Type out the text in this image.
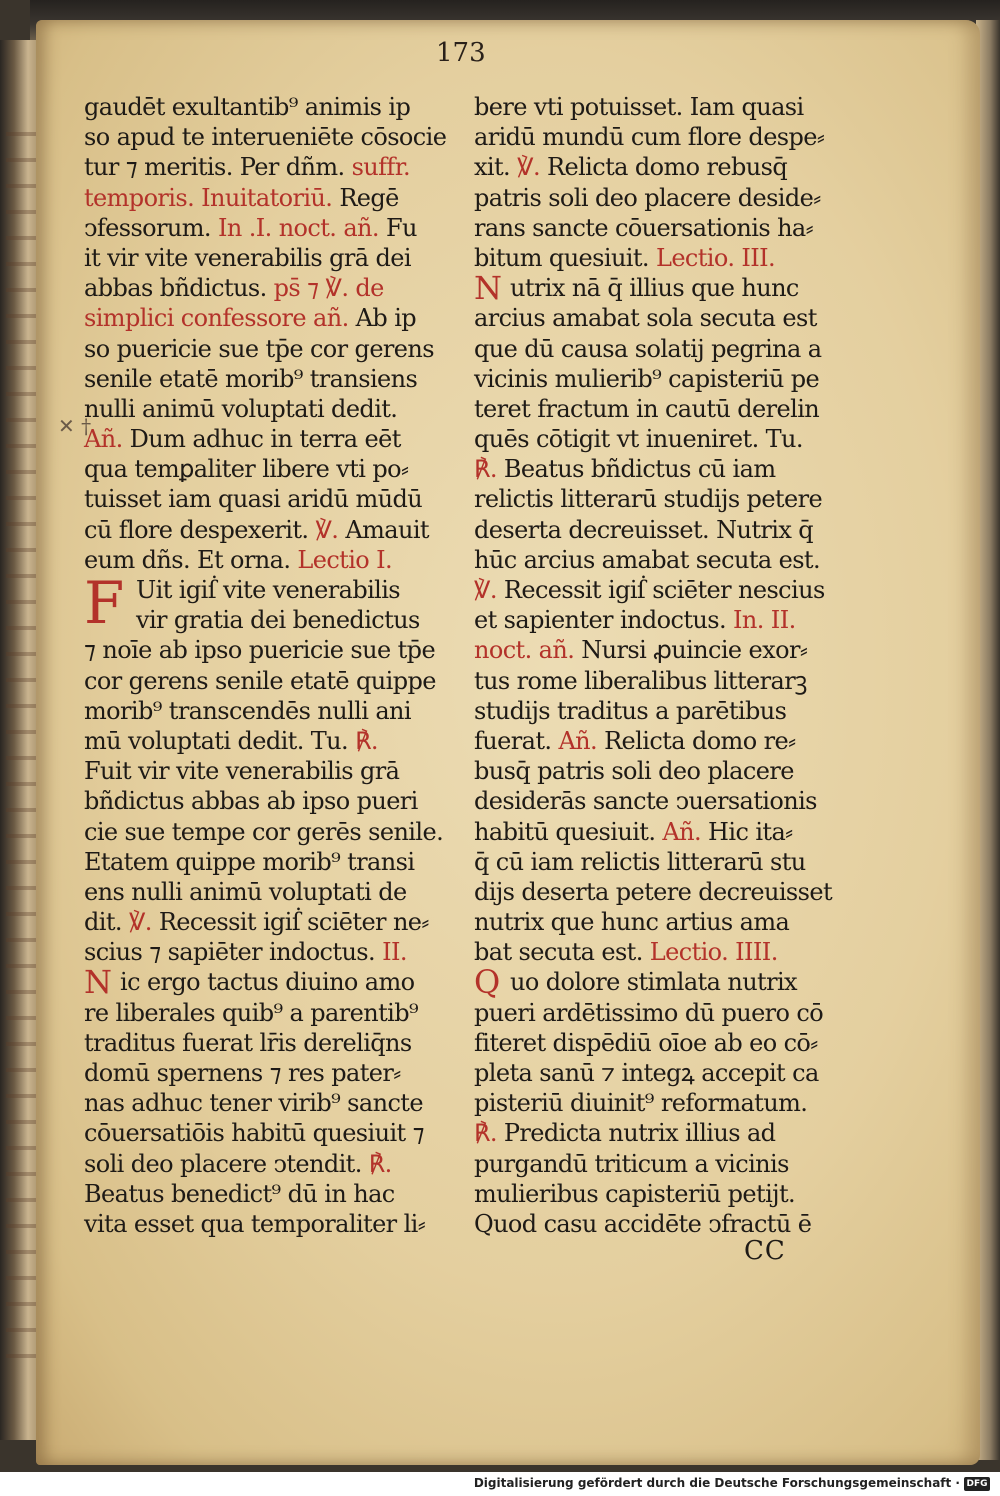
173
✕ †
gaudēt exultantib⁹ animis ip
so apud te interueniēte cōsocie
tur ⁊ meritis. Per dñm. suffr.
temporis. Inuitatoriū. Regē
ↄfessorum. In .I. noct. añ. Fu
it vir vite venerabilis grā dei
abbas bñdictus. ps̄ ⁊ ℣. de
simplici confessore añ. Ab ip
so puericie sue tp̄e cor gerens
senile etatē morib⁹ transiens
nulli animū voluptati dedit.
Añ. Dum adhuc in terra eēt
qua temꝑaliter libere vti po⸗
tuisset iam quasi aridū mūdū
cū flore despexerit. ℣. Amauit
eum dñs. Et orna. Lectio I.
F Uit igiẛ vite venerabilis
vir gratia dei benedictus
⁊ noīe ab ipso puericie sue tp̄e
cor gerens senile etatē quippe
morib⁹ transcendēs nulli ani
mū voluptati dedit. Tu. ℟.
Fuit vir vite venerabilis grā
bñdictus abbas ab ipso pueri
cie sue tempe cor gerēs senile.
Etatem quippe morib⁹ transi
ens nulli animū voluptati de
dit. ℣. Recessit igiẛ sciēter ne⸗
scius ⁊ sapiēter indoctus. II.
N ic ergo tactus diuino amo
re liberales quib⁹ a parentib⁹
traditus fuerat lr̄is dereliq̄ns
domū spernens ⁊ res pater⸗
nas adhuc tener virib⁹ sancte
cōuersatiōis habitū quesiuit ⁊
soli deo placere ↄtendit. ℟.
Beatus benedict⁹ dū in hac
vita esset qua temporaliter li⸗
bere vti potuisset. Iam quasi
aridū mundū cum flore despe⸗
xit. ℣. Relicta domo rebusq̄
patris soli deo placere deside⸗
rans sancte cōuersationis ha⸗
bitum quesiuit. Lectio. III.
N utrix nā q̄ illius que hunc
arcius amabat sola secuta est
que dū causa solatij pegrina a
vicinis mulierib⁹ capisteriū pe
teret fractum in cautū derelin
quēs cōtigit vt inueniret. Tu.
℟. Beatus bñdictus cū iam
relictis litterarū studijs petere
deserta decreuisset. Nutrix q̄
hūc arcius amabat secuta est.
℣. Recessit igiẛ sciēter nescius
et sapienter indoctus. In. II.
noct. añ. Nursi ꝓuincie exor⸗
tus rome liberalibus litterarꝫ
studijs traditus a parētibus
fuerat. Añ. Relicta domo re⸗
busq̄ patris soli deo placere
desiderās sancte ↄuersationis
habitū quesiuit. Añ. Hic ita⸗
q̄ cū iam relictis litterarū stu
dijs deserta petere decreuisset
nutrix que hunc artius ama
bat secuta est. Lectio. IIII.
Q uo dolore stimlata nutrix
pueri ardētissimo dū puero cō
fiteret dispēdiū oīoe ab eo cō⸗
pleta sanū ⁊ integꝝ accepit ca
pisteriū diuinit⁹ reformatum.
℟. Predicta nutrix illius ad
purgandū triticum a vicinis
mulieribus capisteriū petijt.
Quod casu accidēte ↄfractū ē
CC
Digitalisierung gefördert durch die Deutsche Forschungsgemeinschaft · DFG
